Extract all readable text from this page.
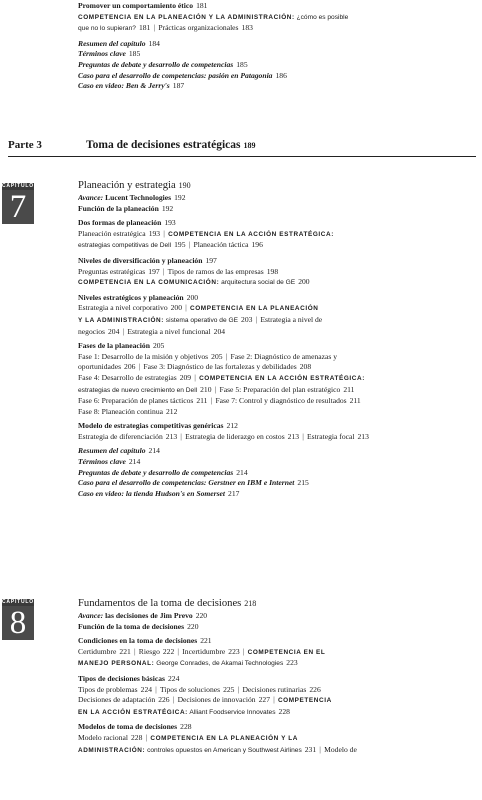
Promover un comportamiento ético 181
COMPETENCIA EN LA PLANEACIÓN Y LA ADMINISTRACIÓN: ¿cómo es posible
que no lo supieran? 181 | Prácticas organizacionales 183
Resumen del capítulo 184
Términos clave 185
Preguntas de debate y desarrollo de competencias 185
Caso para el desarrollo de competencias: pasión en Patagonia 186
Caso en video: Ben & Jerry's 187
Parte 3	Toma de decisiones estratégicas 189
CAPÍTULO
7
Planeación y estrategia 190
Avance: Lucent Technologies 192
Función de la planeación 192
Dos formas de planeación 193
Planeación estratégica 193 | COMPETENCIA EN LA ACCIÓN ESTRATÉGICA:
estrategias competitivas de Dell 195 | Planeación táctica 196
Niveles de diversificación y planeación 197
Preguntas estratégicas 197 | Tipos de ramos de las empresas 198
COMPETENCIA EN LA COMUNICACIÓN: arquitectura social de GE 200
Niveles estratégicos y planeación 200
Estrategia a nivel corporativo 200 | COMPETENCIA EN LA PLANEACIÓN
Y LA ADMINISTRACIÓN: sistema operativo de GE 203 | Estrategia a nivel de
negocios 204 | Estrategia a nivel funcional 204
Fases de la planeación 205
Fase 1: Desarrollo de la misión y objetivos 205 | Fase 2: Diagnóstico de amenazas y
oportunidades 206 | Fase 3: Diagnóstico de las fortalezas y debilidades 208
Fase 4: Desarrollo de estrategias 209 | COMPETENCIA EN LA ACCIÓN ESTRATÉGICA:
estrategias de nuevo crecimiento en Dell 210 | Fase 5: Preparación del plan estratégico 211
Fase 6: Preparación de planes tácticos 211 | Fase 7: Control y diagnóstico de resultados 211
Fase 8: Planeación continua 212
Modelo de estrategias competitivas genéricas 212
Estrategia de diferenciación 213 | Estrategia de liderazgo en costos 213 | Estrategia focal 213
Resumen del capítulo 214
Términos clave 214
Preguntas de debate y desarrollo de competencias 214
Caso para el desarrollo de competencias: Gerstner en IBM e Internet 215
Caso en video: la tienda Hudson's en Somerset 217
CAPÍTULO
8
Fundamentos de la toma de decisiones 218
Avance: las decisiones de Jim Prevo 220
Función de la toma de decisiones 220
Condiciones en la toma de decisiones 221
Certidumbre 221 | Riesgo 222 | Incertidumbre 223 | COMPETENCIA EN EL
MANEJO PERSONAL: George Conrades, de Akamai Technologies 223
Tipos de decisiones básicas 224
Tipos de problemas 224 | Tipos de soluciones 225 | Decisiones rutinarias 226
Decisiones de adaptación 226 | Decisiones de innovación 227 | COMPETENCIA
EN LA ACCIÓN ESTRATÉGICA: Alliant Foodservice Innovates 228
Modelos de toma de decisiones 228
Modelo racional 228 | COMPETENCIA EN LA PLANEACIÓN Y LA
ADMINISTRACIÓN: controles opuestos en American y Southwest Airlines 231 | Modelo de
